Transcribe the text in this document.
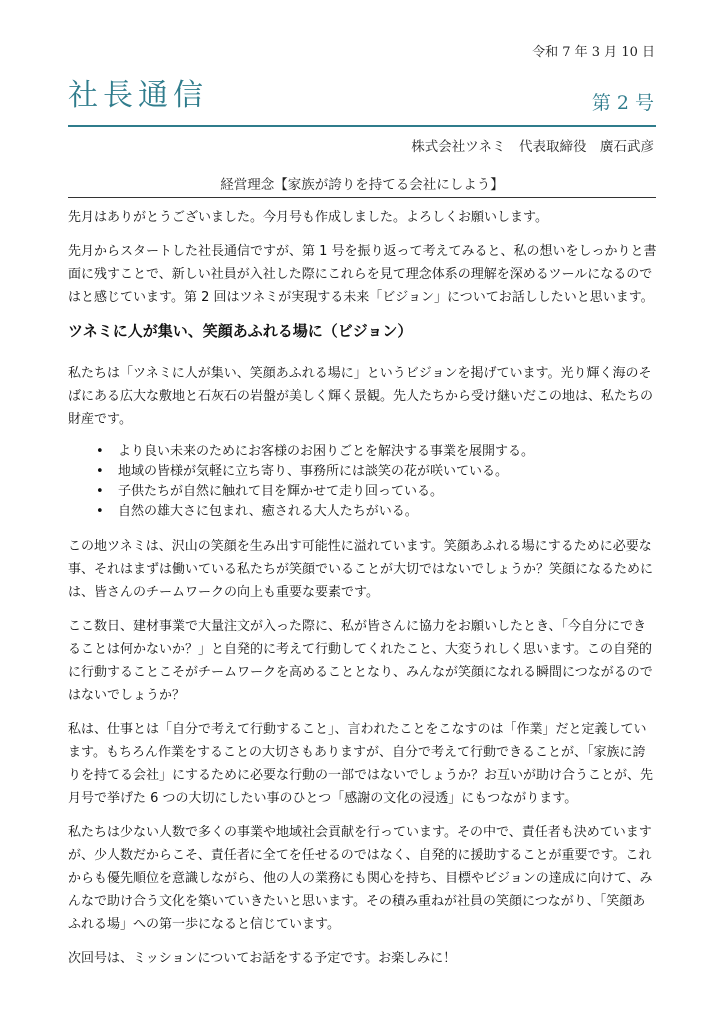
令和 7 年 3 月 10 日
社長通信	第 2 号
株式会社ツネミ　代表取締役　廣石武彦
経営理念【家族が誇りを持てる会社にしよう】

先月はありがとうございました。今月号も作成しました。よろしくお願いします。

先月からスタートした社長通信ですが、第 1 号を振り返って考えてみると、私の想いをしっかりと書面に残すことで、新しい社員が入社した際にこれらを見て理念体系の理解を深めるツールになるのではと感じています。第 2 回はツネミが実現する未来「ビジョン」についてお話ししたいと思います。

ツネミに人が集い、笑顔あふれる場に（ビジョン）

私たちは「ツネミに人が集い、笑顔あふれる場に」というビジョンを掲げています。光り輝く海のそばにある広大な敷地と石灰石の岩盤が美しく輝く景観。先人たちから受け継いだこの地は、私たちの財産です。

• より良い未来のためにお客様のお困りごとを解決する事業を展開する。
• 地域の皆様が気軽に立ち寄り、事務所には談笑の花が咲いている。
• 子供たちが自然に触れて目を輝かせて走り回っている。
• 自然の雄大さに包まれ、癒される大人たちがいる。

この地ツネミは、沢山の笑顔を生み出す可能性に溢れています。笑顔あふれる場にするために必要な事、それはまずは働いている私たちが笑顔でいることが大切ではないでしょうか？笑顔になるためには、皆さんのチームワークの向上も重要な要素です。

ここ数日、建材事業で大量注文が入った際に、私が皆さんに協力をお願いしたとき、「今自分にできることは何かないか？」と自発的に考えて行動してくれたこと、大変うれしく思います。この自発的に行動することこそがチームワークを高めることとなり、みんなが笑顔になれる瞬間につながるのではないでしょうか？

私は、仕事とは「自分で考えて行動すること」、言われたことをこなすのは「作業」だと定義しています。もちろん作業をすることの大切さもありますが、自分で考えて行動できることが、「家族に誇りを持てる会社」にするために必要な行動の一部ではないでしょうか？お互いが助け合うことが、先月号で挙げた 6 つの大切にしたい事のひとつ「感謝の文化の浸透」にもつながります。

私たちは少ない人数で多くの事業や地域社会貢献を行っています。その中で、責任者も決めていますが、少人数だからこそ、責任者に全てを任せるのではなく、自発的に援助することが重要です。これからも優先順位を意識しながら、他の人の業務にも関心を持ち、目標やビジョンの達成に向けて、みんなで助け合う文化を築いていきたいと思います。その積み重ねが社員の笑顔につながり、「笑顔あふれる場」への第一歩になると信じています。

次回号は、ミッションについてお話をする予定です。お楽しみに！
